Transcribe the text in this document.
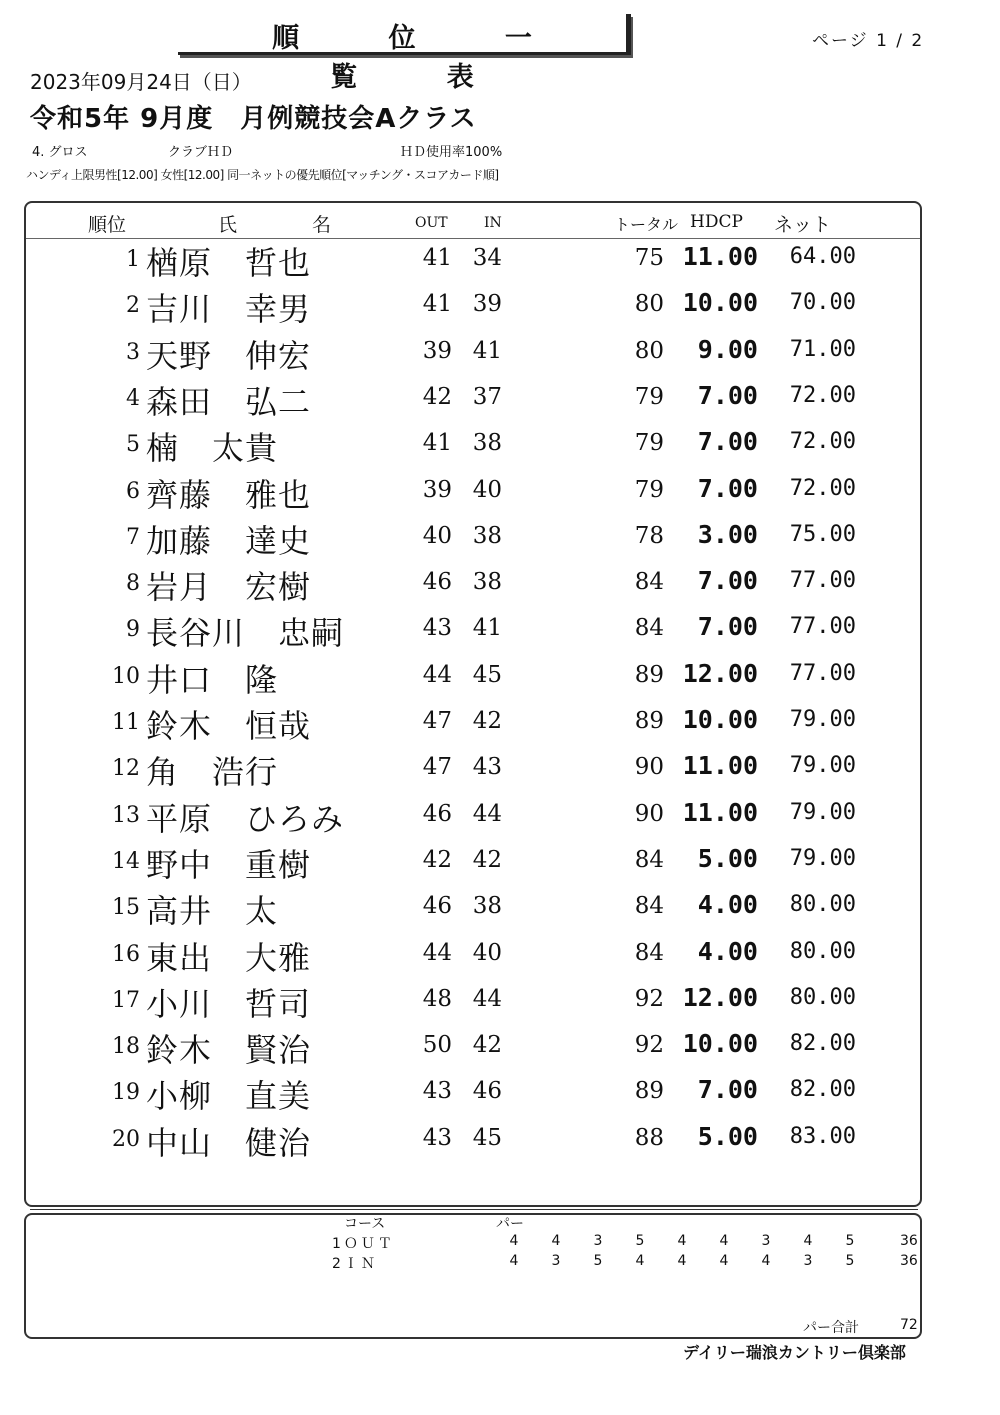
順 位 一 覧 表
ページ 1 / 2
2023年09月24日（日）
令和5年 9月度　月例競技会Aクラス
4. グロス	クラブＨＤ	ＨＤ使用率100%
ハンディ上限男性[12.00] 女性[12.00] 同一ネットの優先順位[マッチング・スコアカード順]
順位	氏	名	OUT	IN	トータル HDCP ネット
1 楢原　哲也	41 34	75 11.00 64.00
2 吉川　幸男	41 39	80 10.00 70.00
3 天野　伸宏	39 41	80 9.00 71.00
4 森田　弘二	42 37	79 7.00 72.00
5 楠　太貴	41 38	79 7.00 72.00
6 齊藤　雅也	39 40	79 7.00 72.00
7 加藤　達史	40 38	78 3.00 75.00
8 岩月　宏樹	46 38	84 7.00 77.00
9 長谷川　忠嗣	43 41	84 7.00 77.00
10 井口　隆	44 45	89 12.00 77.00
11 鈴木　恒哉	47 42	89 10.00 79.00
12 角　浩行	47 43	90 11.00 79.00
13 平原　ひろみ	46 44	90 11.00 79.00
14 野中　重樹	42 42	84 5.00 79.00
15 高井　太	46 38	84 4.00 80.00
16 東出　大雅	44 40	84 4.00 80.00
17 小川　哲司	48 44	92 12.00 80.00
18 鈴木　賢治	50 42	92 10.00 82.00
19 小柳　直美	43 46	89 7.00 82.00
20 中山　健治	43 45	88 5.00 83.00
コース	パー
1ＯＵＴ	4	4	3	5	4	4	3	4	5	36
2ＩＮ	4	3	5	4	4	4	4	3	5	36
パー合計	72
デイリー瑞浪カントリー倶楽部
